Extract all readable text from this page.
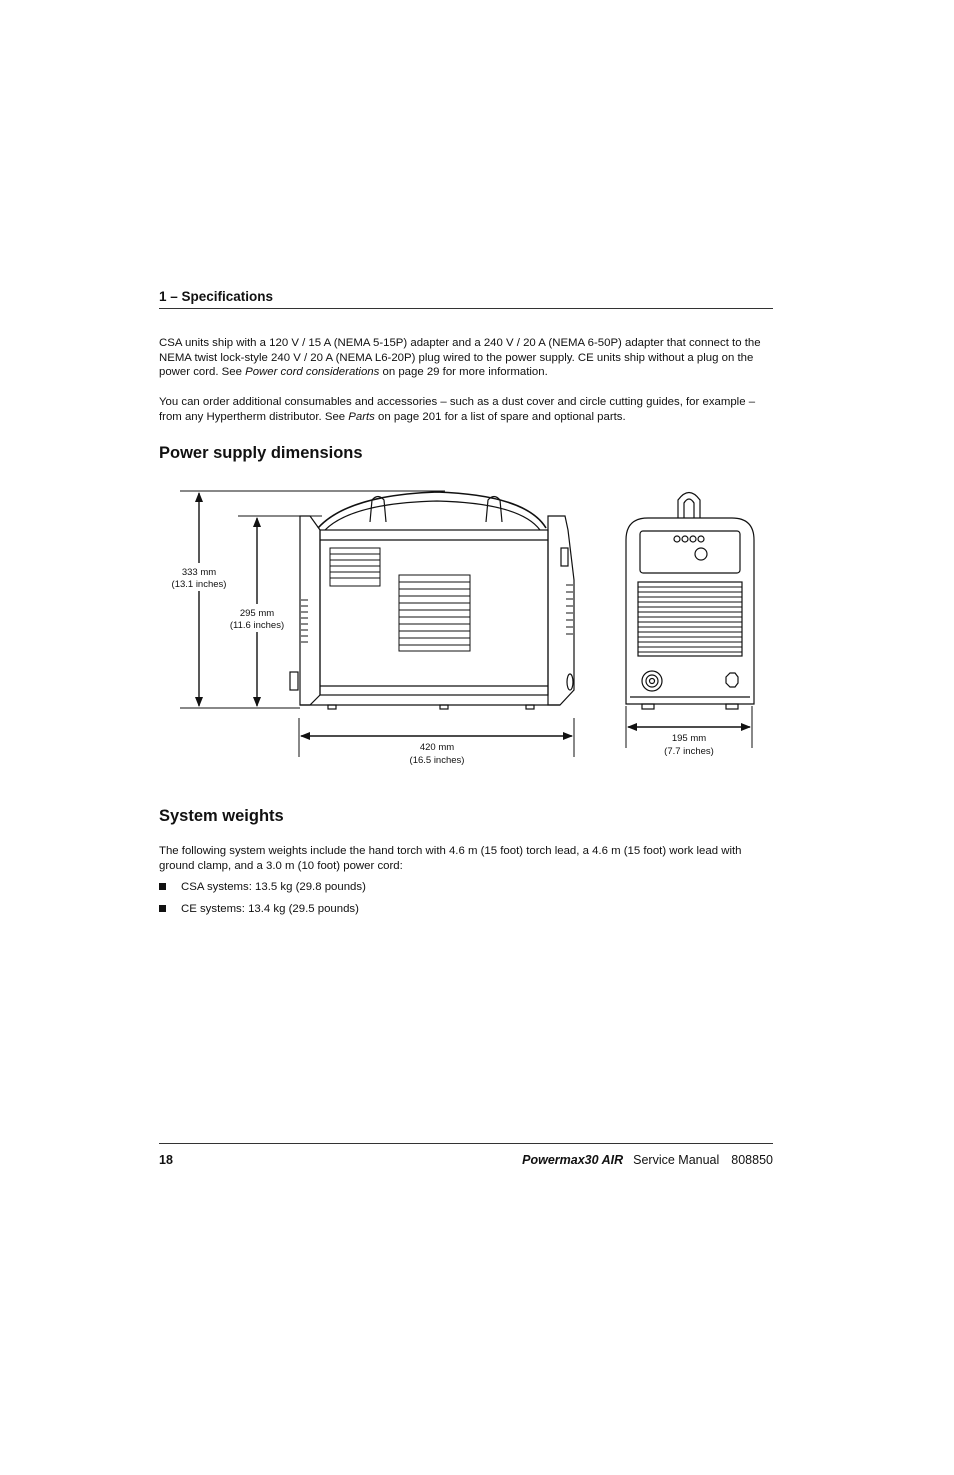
1 – Specifications

CSA units ship with a 120 V / 15 A (NEMA 5-15P) adapter and a 240 V / 20 A (NEMA 6-50P) adapter that connect to the NEMA twist lock-style 240 V / 20 A (NEMA L6-20P) plug wired to the power supply. CE units ship without a plug on the power cord. See Power cord considerations on page 29 for more information.

You can order additional consumables and accessories – such as a dust cover and circle cutting guides, for example – from any Hypertherm distributor. See Parts on page 201 for a list of spare and optional parts.

Power supply dimensions
333 mm
(13.1 inches)
295 mm
(11.6 inches)
420 mm
(16.5 inches)
195 mm
(7.7 inches)
System weights

The following system weights include the hand torch with 4.6 m (15 foot) torch lead, a 4.6 m (15 foot) work lead with ground clamp, and a 3.0 m (10 foot) power cord:

CSA systems: 13.5 kg (29.8 pounds)
CE systems: 13.4 kg (29.5 pounds)
18	Powermax30 AIR Service Manual 808850
